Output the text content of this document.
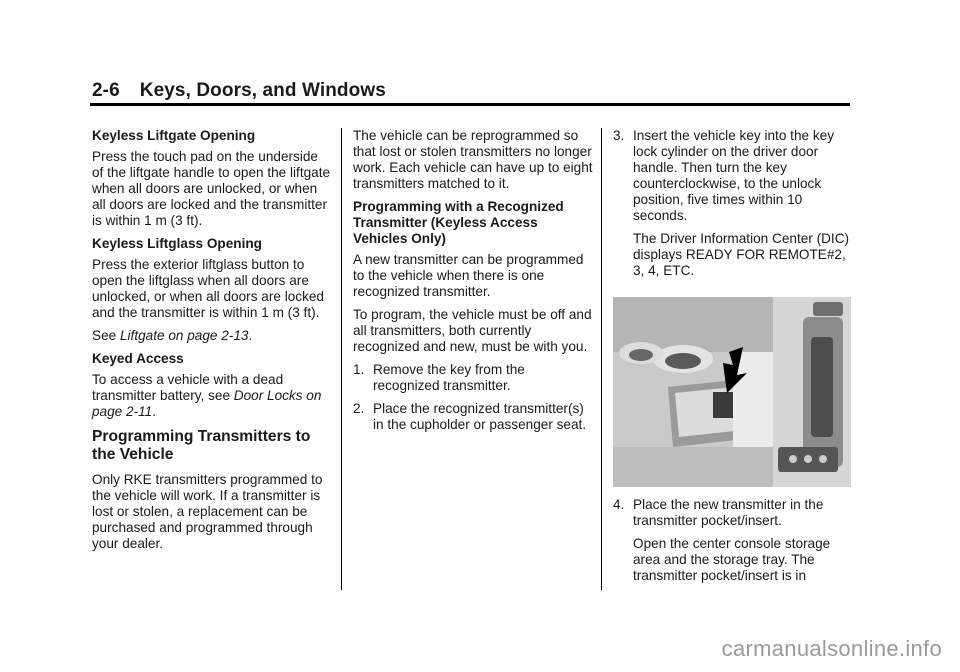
2-6 Keys, Doors, and Windows

Keyless Liftgate Opening

Press the touch pad on the underside of the liftgate handle to open the liftgate when all doors are unlocked, or when all doors are locked and the transmitter is within 1 m (3 ft).

Keyless Liftglass Opening

Press the exterior liftglass button to open the liftglass when all doors are unlocked, or when all doors are locked and the transmitter is within 1 m (3 ft).

See Liftgate on page 2-13.

Keyed Access

To access a vehicle with a dead transmitter battery, see Door Locks on page 2-11.

Programming Transmitters to the Vehicle

Only RKE transmitters programmed to the vehicle will work. If a transmitter is lost or stolen, a replacement can be purchased and programmed through your dealer.

The vehicle can be reprogrammed so that lost or stolen transmitters no longer work. Each vehicle can have up to eight transmitters matched to it.

Programming with a Recognized Transmitter (Keyless Access Vehicles Only)

A new transmitter can be programmed to the vehicle when there is one recognized transmitter.

To program, the vehicle must be off and all transmitters, both currently recognized and new, must be with you.

1. Remove the key from the recognized transmitter.
2. Place the recognized transmitter(s) in the cupholder or passenger seat.
3. Insert the vehicle key into the key lock cylinder on the driver door handle. Then turn the key counterclockwise, to the unlock position, five times within 10 seconds.

The Driver Information Center (DIC) displays READY FOR REMOTE#2, 3, 4, ETC.

4. Place the new transmitter in the transmitter pocket/insert.

Open the center console storage area and the storage tray. The transmitter pocket/insert is in

carmanualsonline.info
